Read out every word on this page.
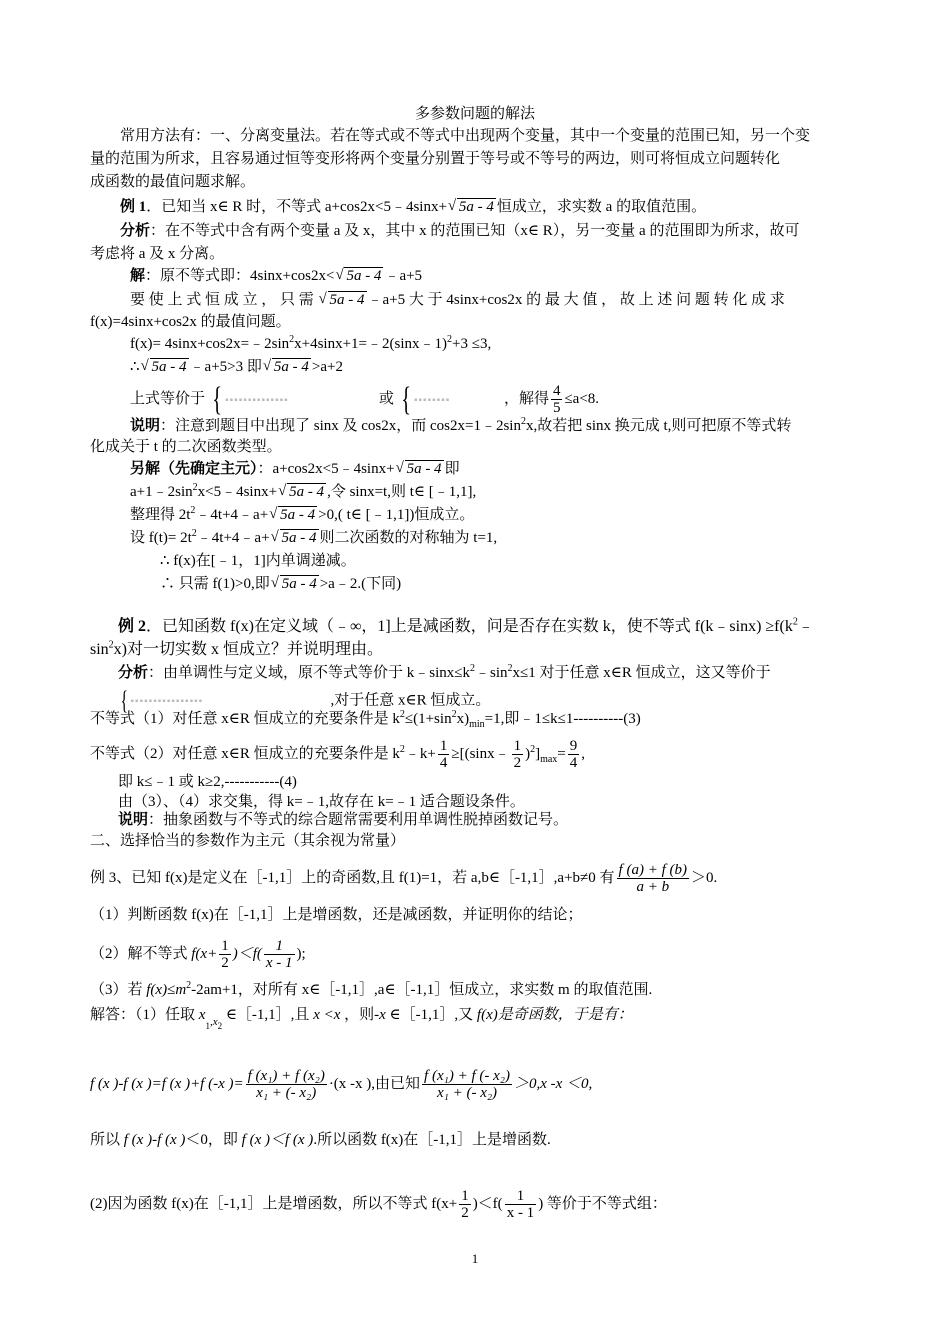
多参数问题的解法
常用方法有：一、分离变量法。若在等式或不等式中出现两个变量，其中一个变量的范围已知，另一个变
量的范围为所求，且容易通过恒等变形将两个变量分别置于等号或不等号的两边，则可将恒成立问题转化
成函数的最值问题求解。
例 1．已知当 x∈ R 时，不等式 a+cos2x<5﹣4sinx+√ 5a - 4 恒成立，求实数 a 的取值范围。
分析：在不等式中含有两个变量 a 及 x，其中 x 的范围已知（x∈ R），另一变量 a 的范围即为所求，故可
考虑将 a 及 x 分离。
解：原不等式即：4sinx+cos2x<√ 5a - 4 ﹣a+5
要 使 上 式 恒 成 立 ， 只 需 √ 5a - 4 ﹣a+5 大 于 4sinx+cos2x 的 最 大 值 ， 故 上 述 问 题 转 化 成 求
f(x)=4sinx+cos2x 的最值问题。
$f(x)= 4\sin x+\cos 2x=﹣2\sin^2x+4\sin x+1=﹣2(\sin x﹣1)^2+3 \le 3$,
∴√ 5a - 4 ﹣a+5>3 即√ 5a - 4 >a+2
上式等价于 { ▪▪▪▪▪▪▪▪▪▪▪▪▪▪	或 { ▪▪▪▪▪▪▪▪	，解得 $\frac{4}{5} \le a<8$.
说明：注意到题目中出现了 sinx 及 cos2x，而 $\cos 2x=1﹣2\sin^2x$,故若把 sinx 换元成 t,则可把原不等式转
化成关于 t 的二次函数类型。
另解（先确定主元）：a+cos2x<5﹣4sinx+√ 5a - 4 即
$a+1﹣2\sin^2x<5﹣4\sin x+√$ 5a - 4 ,令 sinx=t,则 t∈ [﹣1,1],
整理得 $2t^2﹣4t+4﹣a+√$ 5a - 4 >0,( t∈ [﹣1,1])恒成立。
设 $f(t)= 2t^2﹣4t+4﹣a+√$ 5a - 4 则二次函数的对称轴为 t=1,
∴ f(x)在[﹣1，1]内单调递减。
∴ 只需 f(1)>0,即√ 5a - 4 >a﹣2.(下同)
例 2．已知函数 f(x)在定义域（﹣∞，1]上是减函数，问是否存在实数 k，使不等式 f(k﹣sinx) $\ge f(k^2﹣$
$\sin^2x$)对一切实数 x 恒成立？并说明理由。
分析：由单调性与定义域，原不等式等价于 $k﹣\sin x\le k^2﹣\sin^2x\le 1$ 对于任意 x∈R 恒成立，这又等价于
{ ▪▪▪▪▪▪▪▪▪▪▪▪▪▪▪▪	,对于任意 x∈R 恒成立。
不等式（1）对任意 x∈R 恒成立的充要条件是 $k^2\le(1+\sin^2x)_{min}=1$,即﹣1≤k≤1----------(3)
不等式（2）对任意 x∈R 恒成立的充要条件是 $k^2﹣k+ \frac{1}{4}$ ≥[(sinx﹣ $\frac{1}{2} )^2]_{max}= \frac{9}{4}$ ,
即 k≤﹣1 或 k≥2,-----------(4)
由（3）、（4）求交集，得 k=﹣1,故存在 k=﹣1 适合题设条件。
说明：抽象函数与不等式的综合题常需要利用单调性脱掉函数记号。
二、选择恰当的参数作为主元（其余视为常量）
例 3、已知 f(x)是定义在［-1,1］上的奇函数,且 f(1)=1，若 a,b∈［-1,1］,a+b≠0 有 $\frac{f (a) + f (b)}{a + b} >0$.
（1）判断函数 f(x)在［-1,1］上是增函数，还是减函数，并证明你的结论；
（2）解不等式 $f(x+ \frac{1}{2} )<f( \frac{1}{x - 1}$ );
（3）若 $f(x)\le m^2-2am+1$，对所有 x∈［-1,1］,a∈［-1,1］恒成立，求实数 m 的取值范围.
解答：（1）任取 $x_{1,x2}$ ∈［-1,1］,且 x <x ，则-x ∈［-1,1］,又 f(x)是奇函数，于是有：
f (x )-f (x )=f (x )+f (-x )= $\frac{\text{f (x₁) + f (x₂)}}{\text{x₁ + (- x₂)}} \cdot(x$ -x ),由已知 $\frac{\text{f (x₁) + f (- x₂)}}{\text{x₁ + (- x₂)}} >0,x$ -x ＜0,
所以 f (x )-f (x )＜0，即 f (x )＜f (x ).所以函数 f(x)在［-1,1］上是增函数.
(2)因为函数 f(x)在［-1,1］上是增函数，所以不等式 $f(x+ \frac{1}{2} )<f( \frac{1}{x - 1}$ ) 等价于不等式组：
1
